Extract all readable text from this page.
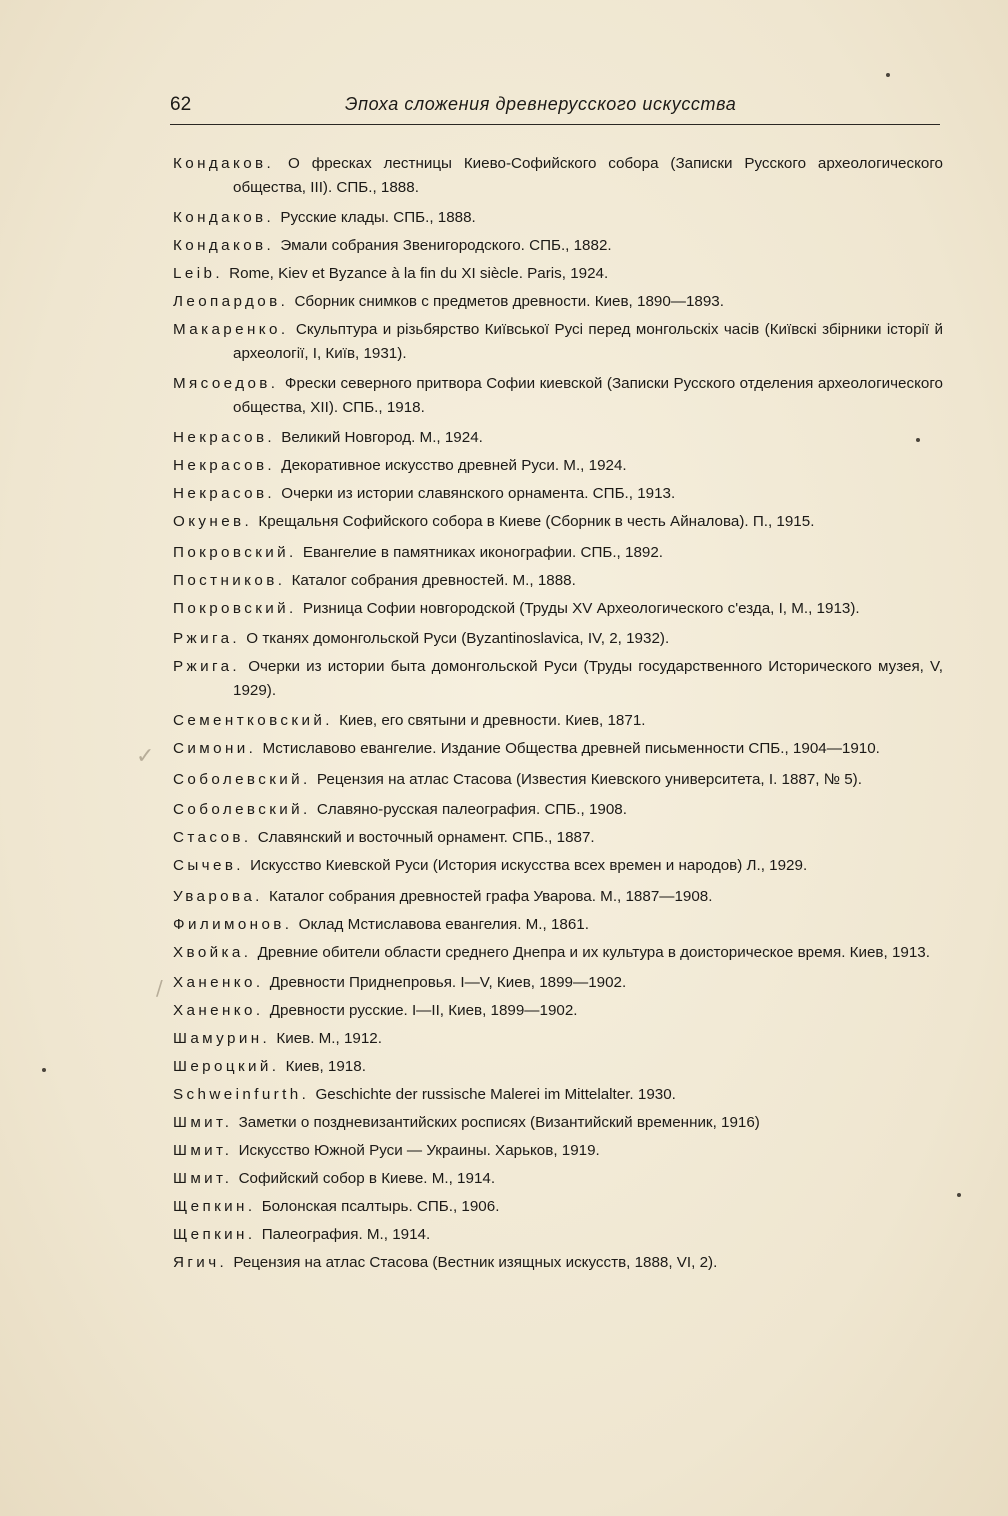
62	Эпоха сложения древнерусского искусства
Кондаков. О фресках лестницы Киево-Софийского собора (Записки Русского археологического общества, III). СПБ., 1888.
Кондаков. Русские клады. СПБ., 1888.
Кондаков. Эмали собрания Звенигородского. СПБ., 1882.
Leib. Rome, Kiev et Byzance à la fin du XI siècle. Paris, 1924.
Леопардов. Сборник снимков с предметов древности. Киев, 1890—1893.
Макаренко. Скульптура и різьбярство Київської Русі перед монгольскіх часів (Київскі збірники історії й археології, І, Київ, 1931).
Мясоедов. Фрески северного притвора Софии киевской (Записки Русского отделения археологического общества, XII). СПБ., 1918.
Некрасов. Великий Новгород. М., 1924.
Некрасов. Декоративное искусство древней Руси. М., 1924.
Некрасов. Очерки из истории славянского орнамента. СПБ., 1913.
Окунев. Крещальня Софийского собора в Киеве (Сборник в честь Айналова). П., 1915.
Покровский. Евангелие в памятниках иконографии. СПБ., 1892.
Постников. Каталог собрания древностей. М., 1888.
Покровский. Ризница Софии новгородской (Труды XV Археологического с'езда, I, М., 1913).
Ржига. О тканях домонгольской Руси (Byzantinoslavica, IV, 2, 1932).
Ржига. Очерки из истории быта домонгольской Руси (Труды государственного Исторического музея, V, 1929).
Сементковский. Киев, его святыни и древности. Киев, 1871.
Симони. Мстиславово евангелие. Издание Общества древней письменности СПБ., 1904—1910.
Соболевский. Рецензия на атлас Стасова (Известия Киевского университета, I. 1887, № 5).
Соболевский. Славяно-русская палеография. СПБ., 1908.
Стасов. Славянский и восточный орнамент. СПБ., 1887.
Сычев. Искусство Киевской Руси (История искусства всех времен и народов) Л., 1929.
Уварова. Каталог собрания древностей графа Уварова. М., 1887—1908.
Филимонов. Оклад Мстиславова евангелия. М., 1861.
Хвойка. Древние обители области среднего Днепра и их культура в доисторическое время. Киев, 1913.
Ханенко. Древности Приднепровья. I—V, Киев, 1899—1902.
Ханенко. Древности русские. I—II, Киев, 1899—1902.
Шамурин. Киев. М., 1912.
Шероцкий. Киев, 1918.
Schweinfurth. Geschichte der russische Malerei im Mittelalter. 1930.
Шмит. Заметки о поздневизантийских росписях (Византийский временник, 1916)
Шмит. Искусство Южной Руси — Украины. Харьков, 1919.
Шмит. Софийский собор в Киеве. М., 1914.
Щепкин. Болонская псалтырь. СПБ., 1906.
Щепкин. Палеография. М., 1914.
Ягич. Рецензия на атлас Стасова (Вестник изящных искусств, 1888, VI, 2).
✓
/
